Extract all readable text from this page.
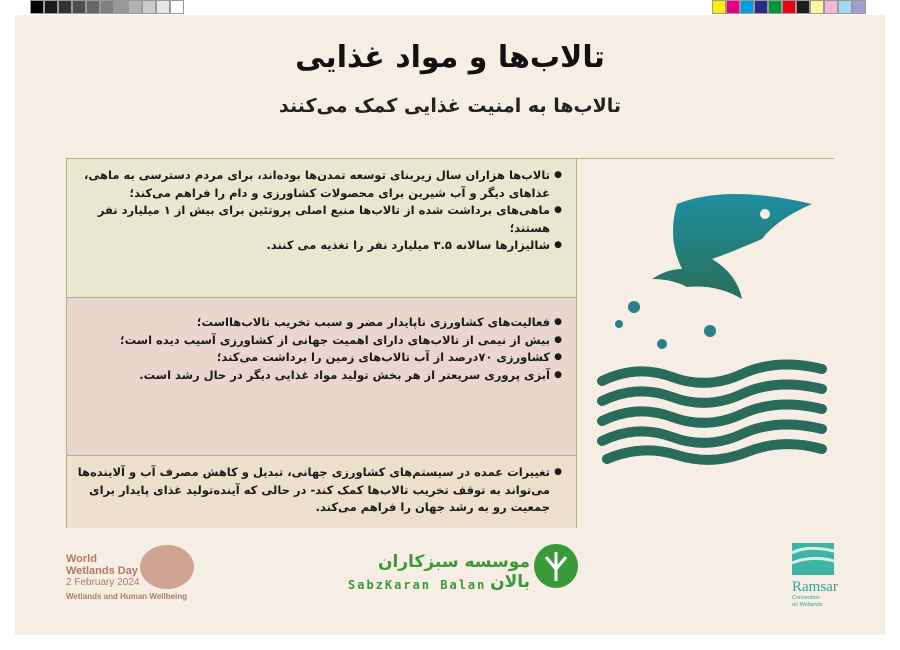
تالاب‌ها و مواد غذایی
تالاب‌ها به امنیت غذایی کمک می‌کنند
● تالاب‌ها هزاران سال زیربنای توسعه تمدن‌ها بوده‌اند، برای مردم دسترسی به ماهی، غذاهای دیگر و آب شیرین برای محصولات کشاورزی و دام را فراهم می‌کند؛
● ماهی‌های برداشت شده از تالاب‌ها منبع اصلی پروتئین برای بیش از ۱ میلیارد نفر هستند؛
● شالیزارها سالانه ۳.۵ میلیارد نفر را تغذیه می کنند.
● فعالیت‌های کشاورزی ناپایدار مضر و سبب تخریب تالاب‌هااست؛
● بیش از نیمی از تالاب‌های دارای اهمیت جهانی از کشاورزی آسیب دیده است؛
● کشاورزی ۷۰درصد از آب تالاب‌های زمین را برداشت می‌کند؛
● آبزی پروری سریعتر از هر بخش تولید مواد غذایی دیگر در حال رشد است.
● تغییرات عمده در سیستم‌های کشاورزی جهانی، تبدیل و کاهش مصرف آب و آلاینده‌ها می‌تواند به توقف تخریب تالاب‌ها کمک کند- در حالی که آینده‌تولید غذای پایدار برای جمعیت رو به رشد جهان را فراهم می‌کند.
World
Wetlands Day
2 February 2024
Wetlands and Human Wellbeing
موسسه سبزکاران بالان
SabzKaran Balan	Ramsar
Convention
on Wetlands
